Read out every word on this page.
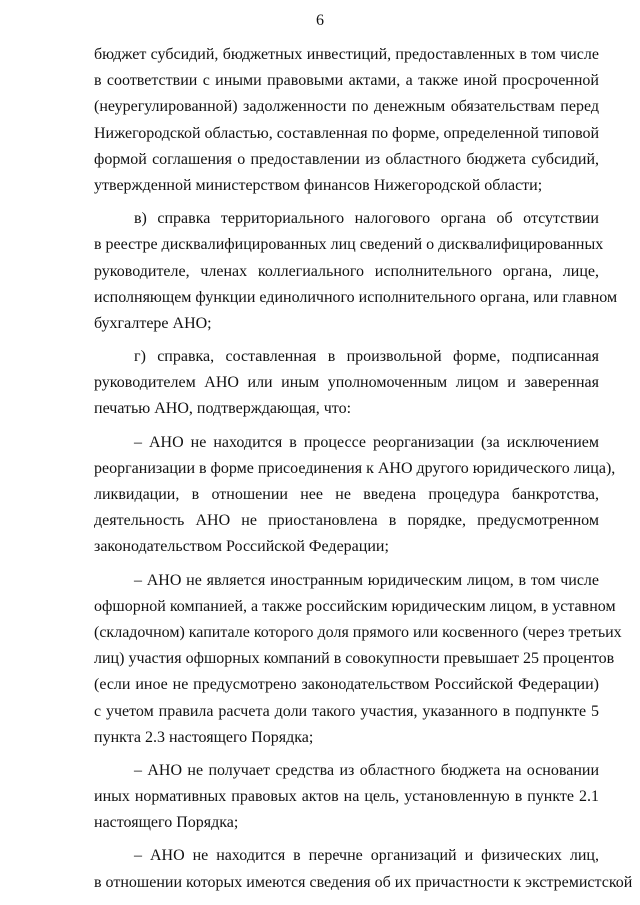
6
бюджет субсидий, бюджетных инвестиций, предоставленных в том числе
в соответствии с иными правовыми актами, а также иной просроченной
(неурегулированной) задолженности по денежным обязательствам перед
Нижегородской областью, составленная по форме, определенной типовой
формой соглашения о предоставлении из областного бюджета субсидий,
утвержденной министерством финансов Нижегородской области;
в) справка территориального налогового органа об отсутствии
в реестре дисквалифицированных лиц сведений о дисквалифицированных
руководителе, членах коллегиального исполнительного органа, лице,
исполняющем функции единоличного исполнительного органа, или главном
бухгалтере АНО;
г) справка, составленная в произвольной форме, подписанная
руководителем АНО или иным уполномоченным лицом и заверенная
печатью АНО, подтверждающая, что:
– АНО не находится в процессе реорганизации (за исключением
реорганизации в форме присоединения к АНО другого юридического лица),
ликвидации, в отношении нее не введена процедура банкротства,
деятельность АНО не приостановлена в порядке, предусмотренном
законодательством Российской Федерации;
– АНО не является иностранным юридическим лицом, в том числе
офшорной компанией, а также российским юридическим лицом, в уставном
(складочном) капитале которого доля прямого или косвенного (через третьих
лиц) участия офшорных компаний в совокупности превышает 25 процентов
(если иное не предусмотрено законодательством Российской Федерации)
с учетом правила расчета доли такого участия, указанного в подпункте 5
пункта 2.3 настоящего Порядка;
– АНО не получает средства из областного бюджета на основании
иных нормативных правовых актов на цель, установленную в пункте 2.1
настоящего Порядка;
– АНО не находится в перечне организаций и физических лиц,
в отношении которых имеются сведения об их причастности к экстремистской
